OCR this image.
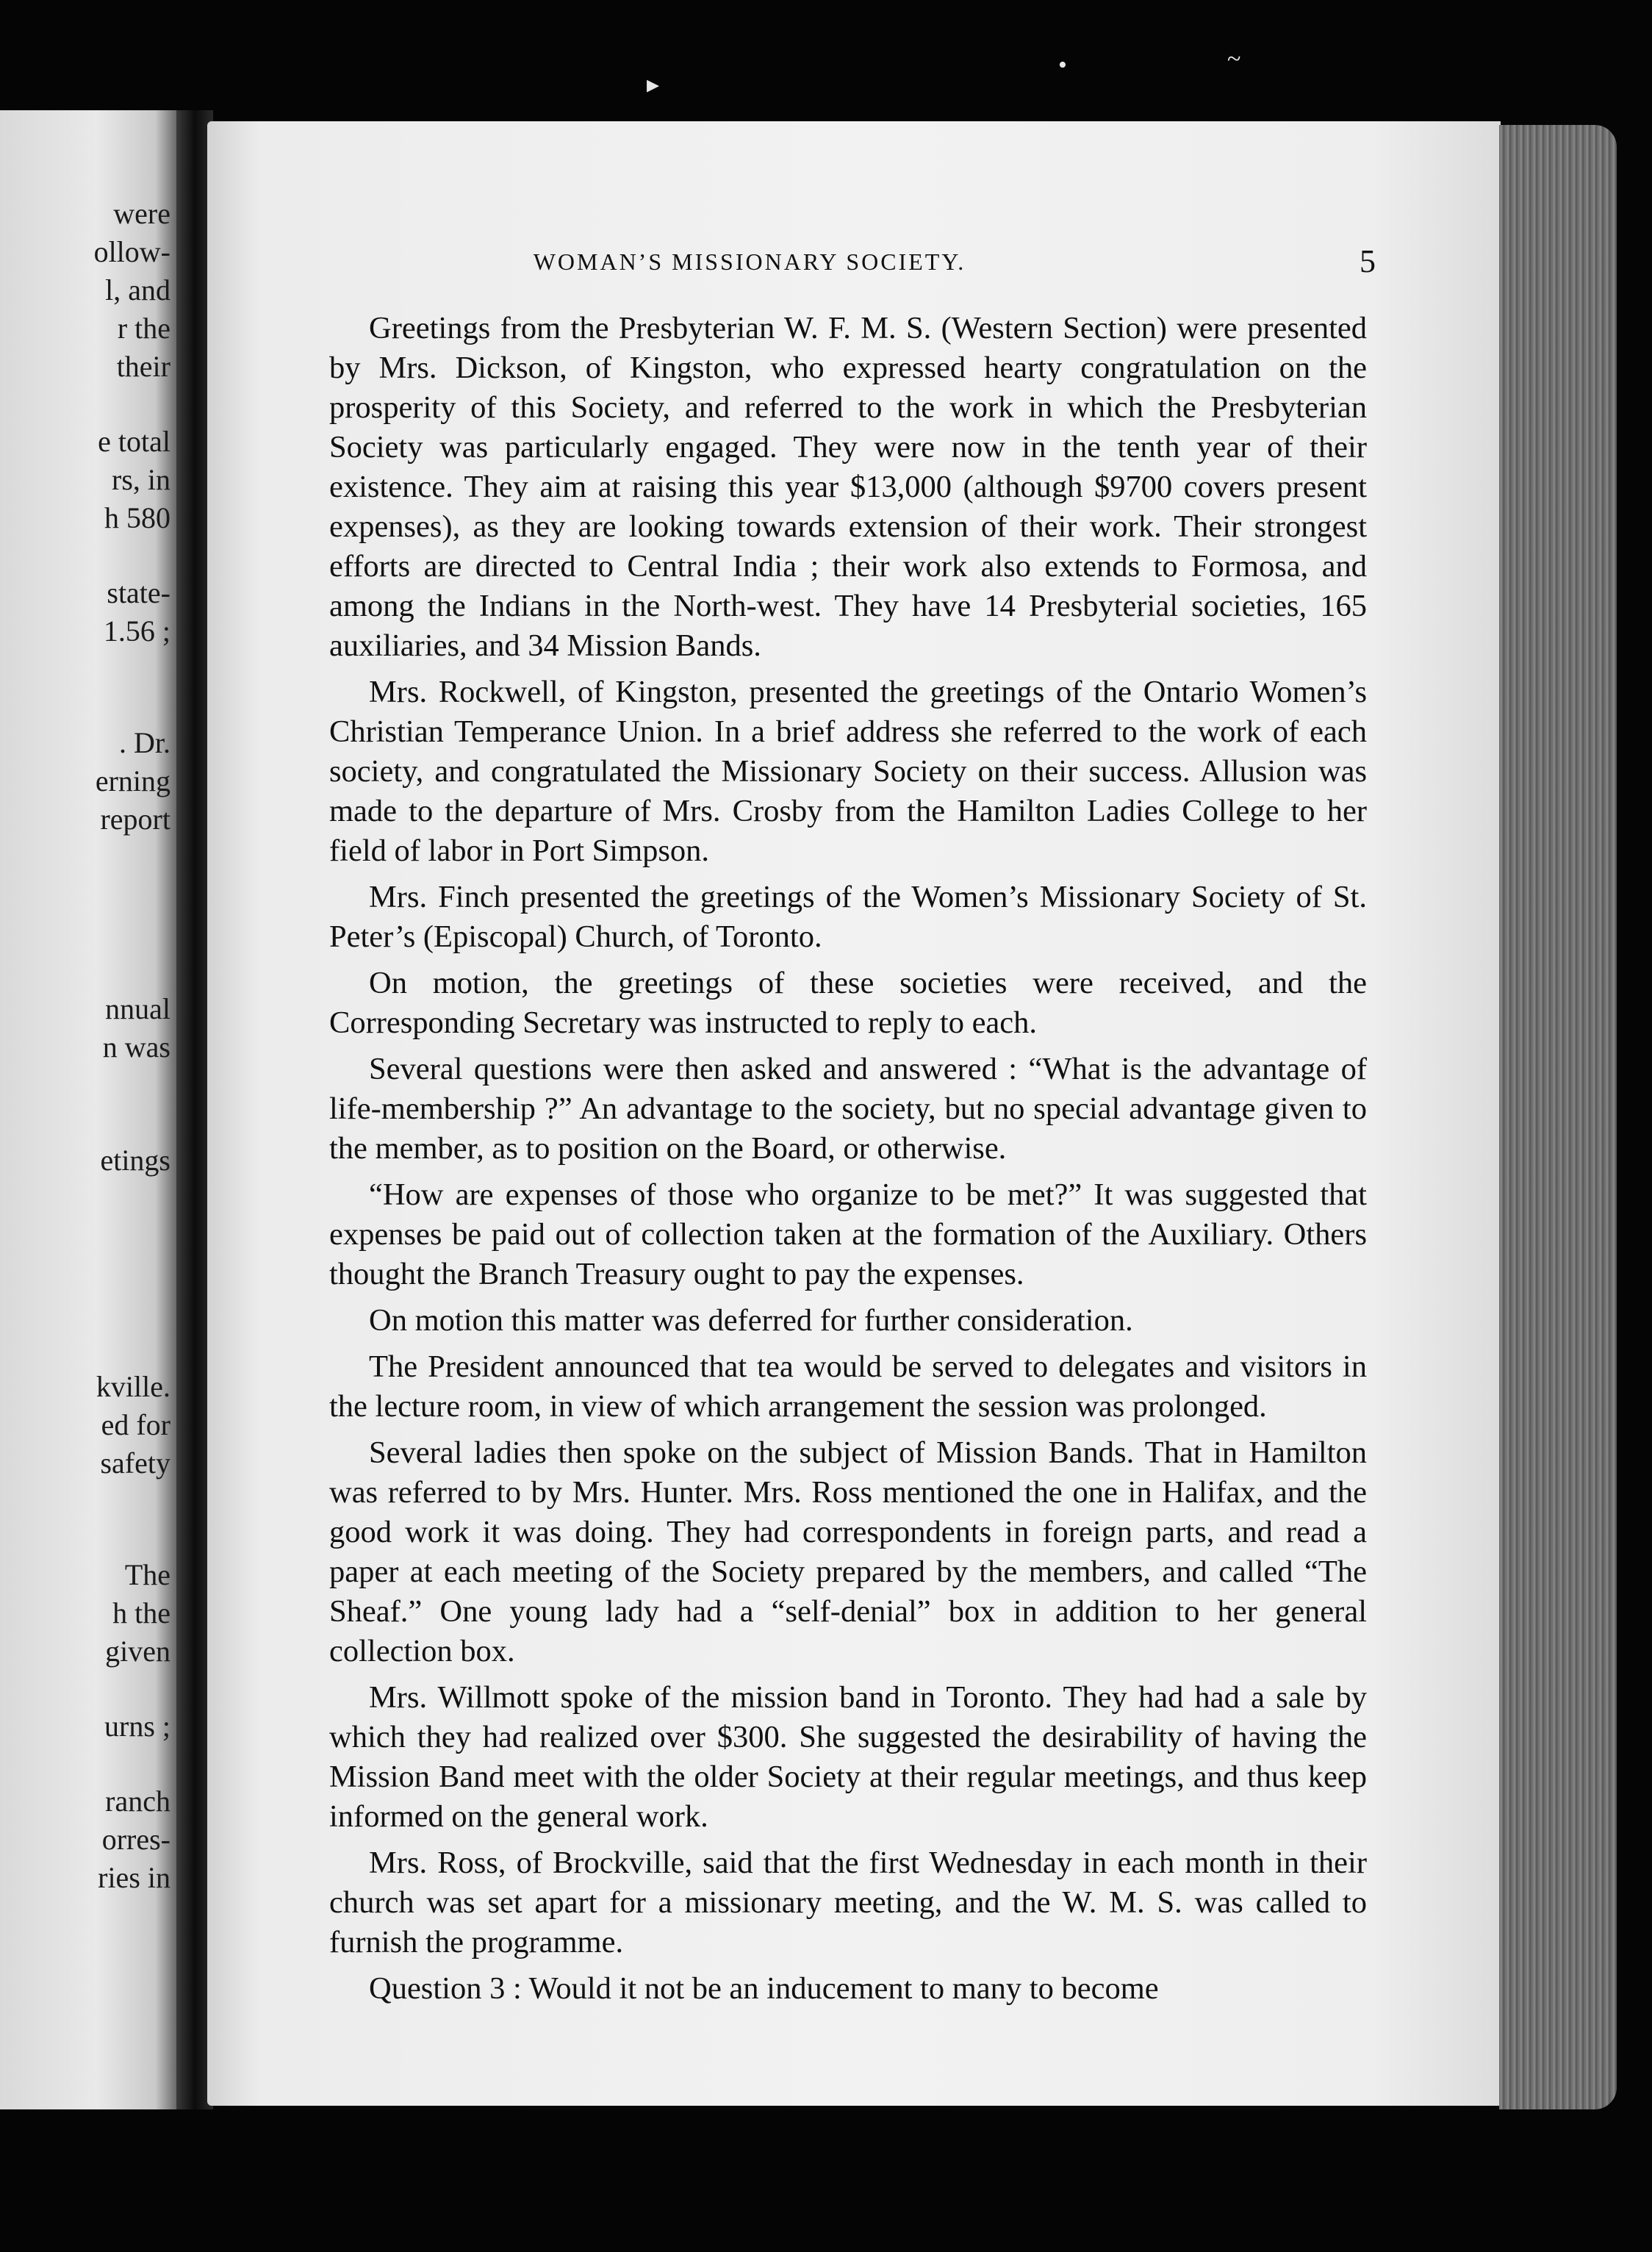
were
ollow-
l, and
r the
their
e total
rs, in
h 580
state-
1.56 ;
. Dr.
erning
report
nnual
n was
etings
kville.
ed for
safety
The
h the
given
urns ;
ranch
orres-
ries in
WOMAN’S MISSIONARY SOCIETY.	5

Greetings from the Presbyterian W. F. M. S. (Western Section) were presented by Mrs. Dickson, of Kingston, who expressed hearty congratulation on the prosperity of this Society, and referred to the work in which the Presbyterian Society was particularly engaged. They were now in the tenth year of their existence. They aim at raising this year $13,000 (although $9700 covers present expenses), as they are looking towards extension of their work. Their strongest efforts are directed to Central India ; their work also extends to Formosa, and among the Indians in the North-west. They have 14 Presbyterial societies, 165 auxiliaries, and 34 Mission Bands.

Mrs. Rockwell, of Kingston, presented the greetings of the Ontario Women’s Christian Temperance Union. In a brief address she referred to the work of each society, and congratulated the Missionary Society on their success. Allusion was made to the departure of Mrs. Crosby from the Hamilton Ladies College to her field of labor in Port Simpson.

Mrs. Finch presented the greetings of the Women’s Missionary Society of St. Peter’s (Episcopal) Church, of Toronto.

On motion, the greetings of these societies were received, and the Corresponding Secretary was instructed to reply to each.

Several questions were then asked and answered : “What is the advantage of life-membership ?” An advantage to the society, but no special advantage given to the member, as to position on the Board, or otherwise.

“How are expenses of those who organize to be met?” It was suggested that expenses be paid out of collection taken at the formation of the Auxiliary. Others thought the Branch Treasury ought to pay the expenses.

On motion this matter was deferred for further consideration.

The President announced that tea would be served to delegates and visitors in the lecture room, in view of which arrangement the session was prolonged.

Several ladies then spoke on the subject of Mission Bands. That in Hamilton was referred to by Mrs. Hunter. Mrs. Ross mentioned the one in Halifax, and the good work it was doing. They had correspondents in foreign parts, and read a paper at each meeting of the Society prepared by the members, and called “The Sheaf.” One young lady had a “self-denial” box in addition to her general collection box.

Mrs. Willmott spoke of the mission band in Toronto. They had had a sale by which they had realized over $300. She suggested the desirability of having the Mission Band meet with the older Society at their regular meetings, and thus keep informed on the general work.

Mrs. Ross, of Brockville, said that the first Wednesday in each month in their church was set apart for a missionary meeting, and the W. M. S. was called to furnish the programme.

Question 3 : Would it not be an inducement to many to become

▸
•	~
